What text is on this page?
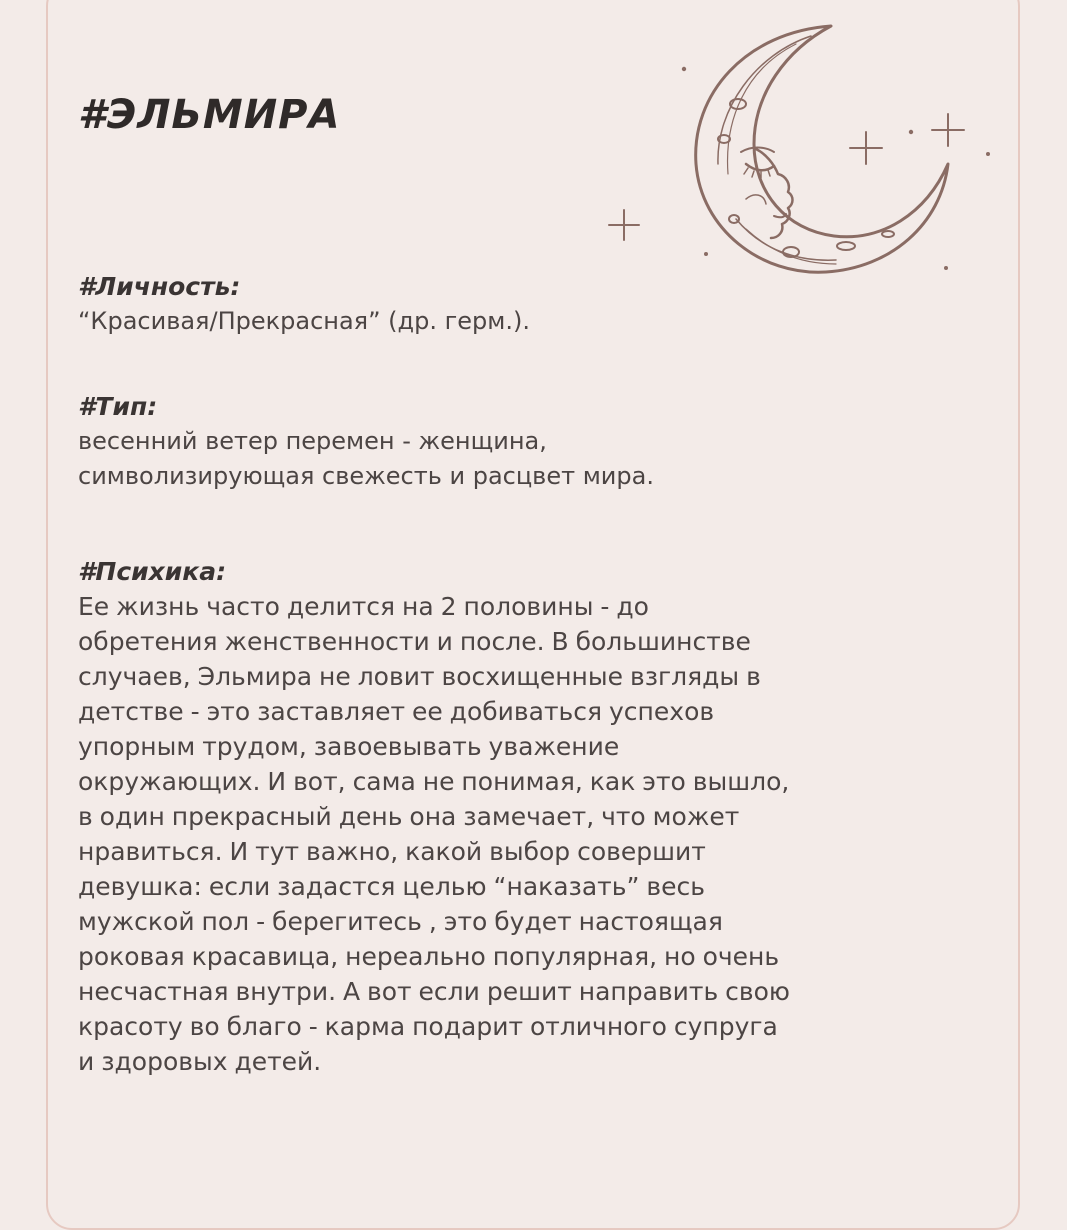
#ЭЛЬМИРА
#Личность:
“Красивая/Прекрасная” (др. герм.).
#Тип:
весенний ветер перемен - женщина,
символизирующая свежесть и расцвет мира.
#Психика:
Ее жизнь часто делится на 2 половины - до
обретения женственности и после. В большинстве
случаев, Эльмира не ловит восхищенные взгляды в
детстве - это заставляет ее добиваться успехов
упорным трудом, завоевывать уважение
окружающих. И вот, сама не понимая, как это вышло,
в один прекрасный день она замечает, что может
нравиться. И тут важно, какой выбор совершит
девушка: если задастся целью “наказать” весь
мужской пол - берегитесь , это будет настоящая
роковая красавица, нереально популярная, но очень
несчастная внутри. А вот если решит направить свою
красоту во благо - карма подарит отличного супруга
и здоровых детей.
